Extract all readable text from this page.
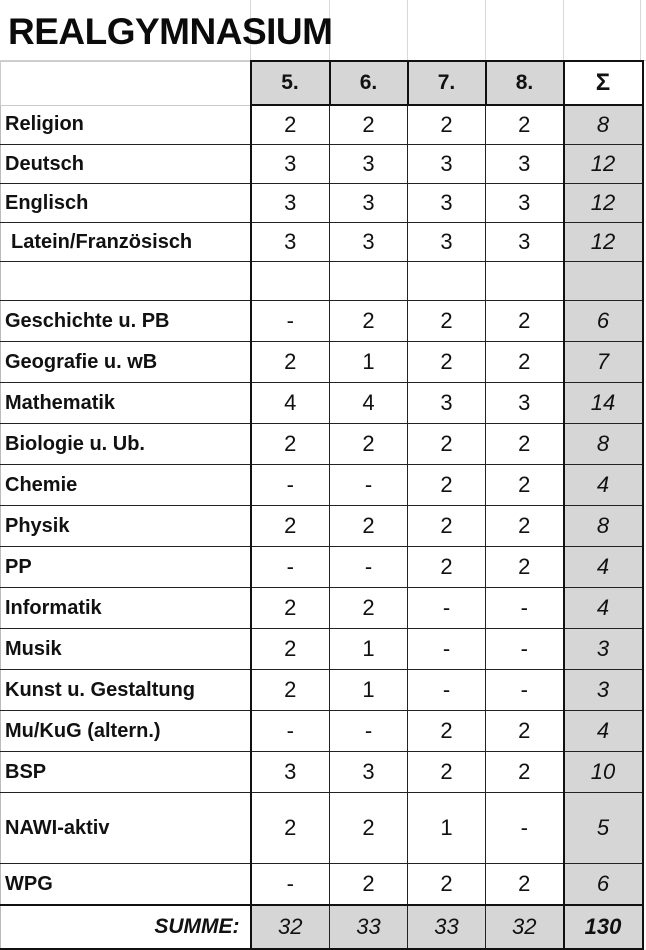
REALGYMNASIUM
	5.	6.	7.	8.	Σ
Religion	2	2	2	2	8
Deutsch	3	3	3	3	12
Englisch	3	3	3	3	12
Latein/Französisch	3	3	3	3	12

Geschichte u. PB	-	2	2	2	6
Geografie u. wB	2	1	2	2	7
Mathematik	4	4	3	3	14
Biologie u. Ub.	2	2	2	2	8
Chemie	-	-	2	2	4
Physik	2	2	2	2	8
PP	-	-	2	2	4
Informatik	2	2	-	-	4
Musik	2	1	-	-	3
Kunst u. Gestaltung	2	1	-	-	3
Mu/KuG (altern.)	-	-	2	2	4
BSP	3	3	2	2	10
NAWI-aktiv	2	2	1	-	5
WPG	-	2	2	2	6
SUMME:	32	33	33	32	130
